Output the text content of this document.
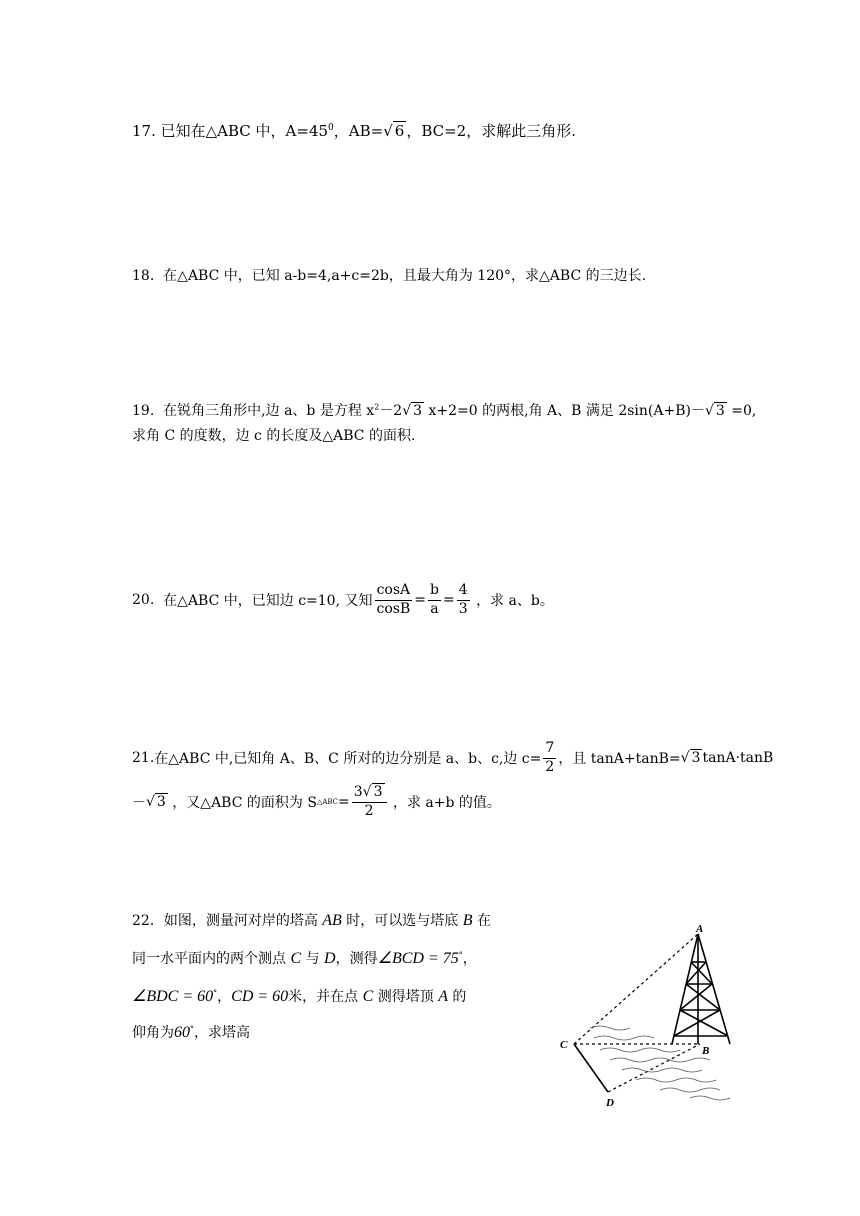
17. 已知在△ABC 中，$A=45^0$，AB=√ 6 ，BC=2，求解此三角形.
18. 在△ABC 中，已知 a-b=4,a+c=2b，且最大角为 120°，求△ABC 的三边长.
19. 在锐角三角形中,边 a、b 是方程 $x^2-2√$ 3 x+2=0 的两根,角 A、B 满足 2sin(A+B)－√ 3 =0,
求角 C 的度数，边 c 的长度及△ABC 的面积.
20.
在△ABC 中，已知边 c=10, 又知 $\frac{\cos A}{\cos B} = \frac{b}{a} = \frac{4}{3}$
，求 a、b。
21. 在△ABC 中,已知角 A、B、C 所对的边分别是 a、b、c,边 $c= \frac{7}{2}$ ，且 tanA+tanB= √ 3 tanA·tanB
－ √ 3
，又△ABC 的面积为 S △ABC = $\frac{3√ 3}{2}$
，求 a+b 的值。
22．如图，测量河对岸的塔高 AB 时，可以选与塔底 B 在
同一水平面内的两个测点 C 与 D，测得∠BCD = 75°，
∠BDC = 60°，CD = 60米，并在点 C 测得塔顶 A 的
仰角为60°，求塔高
A
B
C
D
